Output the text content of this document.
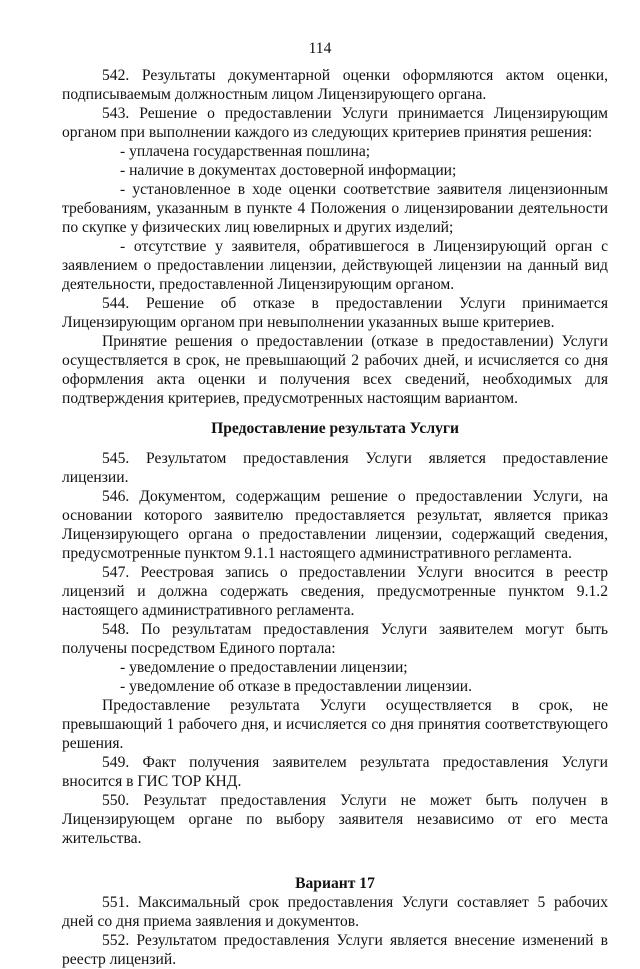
114

542. Результаты документарной оценки оформляются актом оценки, подписываемым должностным лицом Лицензирующего органа.

543. Решение о предоставлении Услуги принимается Лицензирующим органом при выполнении каждого из следующих критериев принятия решения:

- уплачена государственная пошлина;

- наличие в документах достоверной информации;

- установленное в ходе оценки соответствие заявителя лицензионным требованиям, указанным в пункте 4 Положения о лицензировании деятельности по скупке у физических лиц ювелирных и других изделий;

- отсутствие у заявителя, обратившегося в Лицензирующий орган с заявлением о предоставлении лицензии, действующей лицензии на данный вид деятельности, предоставленной Лицензирующим органом.

544. Решение об отказе в предоставлении Услуги принимается Лицензирующим органом при невыполнении указанных выше критериев.

Принятие решения о предоставлении (отказе в предоставлении) Услуги осуществляется в срок, не превышающий 2 рабочих дней, и исчисляется со дня оформления акта оценки и получения всех сведений, необходимых для подтверждения критериев, предусмотренных настоящим вариантом.

Предоставление результата Услуги

545. Результатом предоставления Услуги является предоставление лицензии.

546. Документом, содержащим решение о предоставлении Услуги, на основании которого заявителю предоставляется результат, является приказ Лицензирующего органа о предоставлении лицензии, содержащий сведения, предусмотренные пунктом 9.1.1 настоящего административного регламента.

547. Реестровая запись о предоставлении Услуги вносится в реестр лицензий и должна содержать сведения, предусмотренные пунктом 9.1.2 настоящего административного регламента.

548. По результатам предоставления Услуги заявителем могут быть получены посредством Единого портала:

- уведомление о предоставлении лицензии;

- уведомление об отказе в предоставлении лицензии.

Предоставление результата Услуги осуществляется в срок, не превышающий 1 рабочего дня, и исчисляется со дня принятия соответствующего решения.

549. Факт получения заявителем результата предоставления Услуги вносится в ГИС ТОР КНД.

550. Результат предоставления Услуги не может быть получен в Лицензирующем органе по выбору заявителя независимо от его места жительства.

Вариант 17

551. Максимальный срок предоставления Услуги составляет 5 рабочих дней со дня приема заявления и документов.

552. Результатом предоставления Услуги является внесение изменений в реестр лицензий.
